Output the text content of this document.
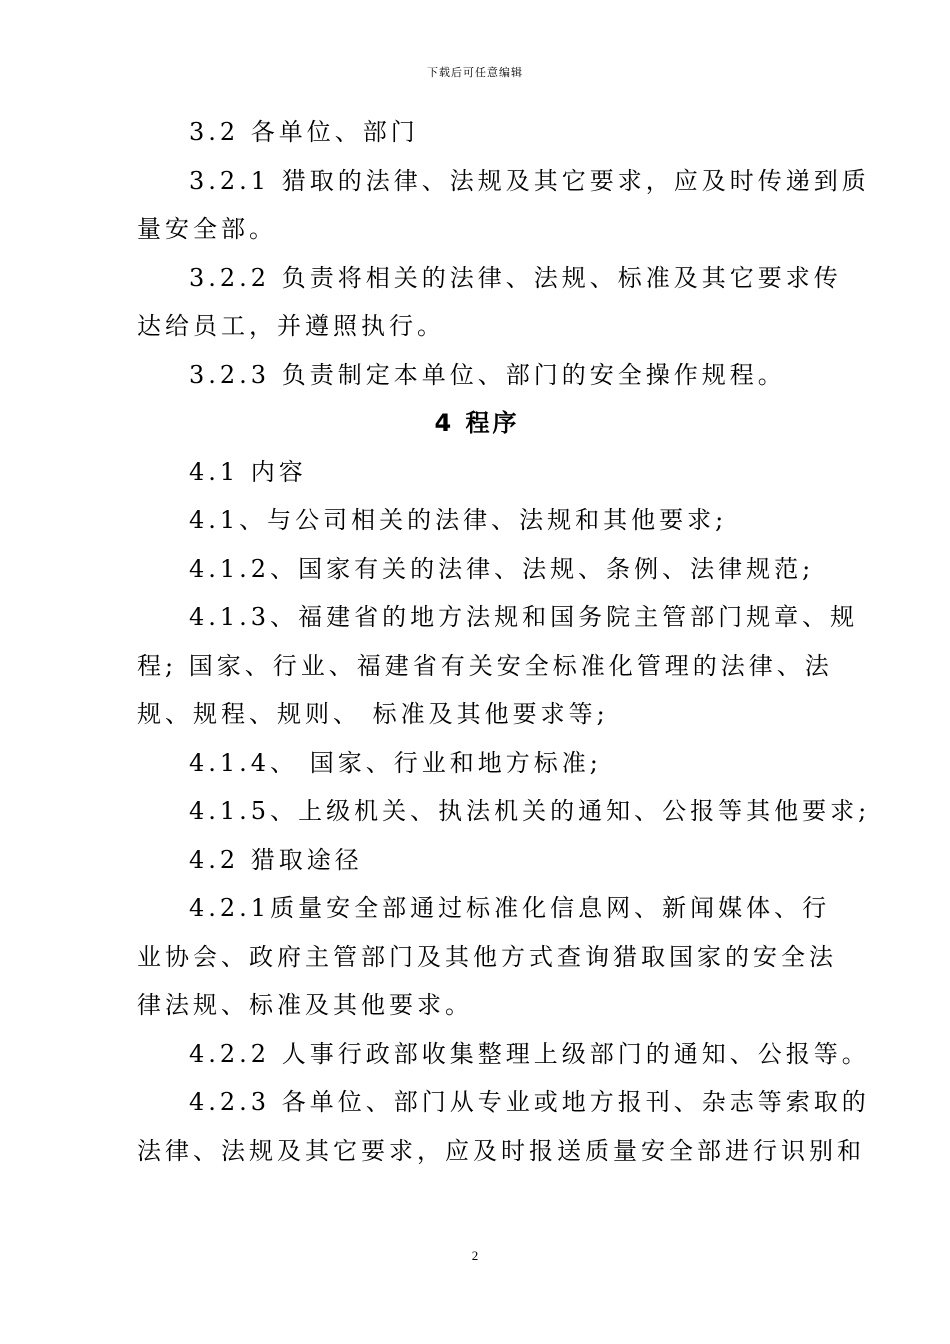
下载后可任意编辑
3.2 各单位、部门
3.2.1 猎取的法律、法规及其它要求，应及时传递到质
量安全部。
3.2.2 负责将相关的法律、法规、标准及其它要求传
达给员工，并遵照执行。
3.2.3 负责制定本单位、部门的安全操作规程。
4 程序
4.1 内容
4.1、与公司相关的法律、法规和其他要求;
4.1.2、国家有关的法律、法规、条例、法律规范;
4.1.3、福建省的地方法规和国务院主管部门规章、规
程; 国家、行业、福建省有关安全标准化管理的法律、法
规、规程、规则、 标准及其他要求等;
4.1.4、 国家、行业和地方标准;
4.1.5、上级机关、执法机关的通知、公报等其他要求;
4.2 猎取途径
4.2.1质量安全部通过标准化信息网、新闻媒体、行
业协会、政府主管部门及其他方式查询猎取国家的安全法
律法规、标准及其他要求。
4.2.2 人事行政部收集整理上级部门的通知、公报等。
4.2.3 各单位、部门从专业或地方报刊、杂志等索取的
法律、法规及其它要求，应及时报送质量安全部进行识别和
2
